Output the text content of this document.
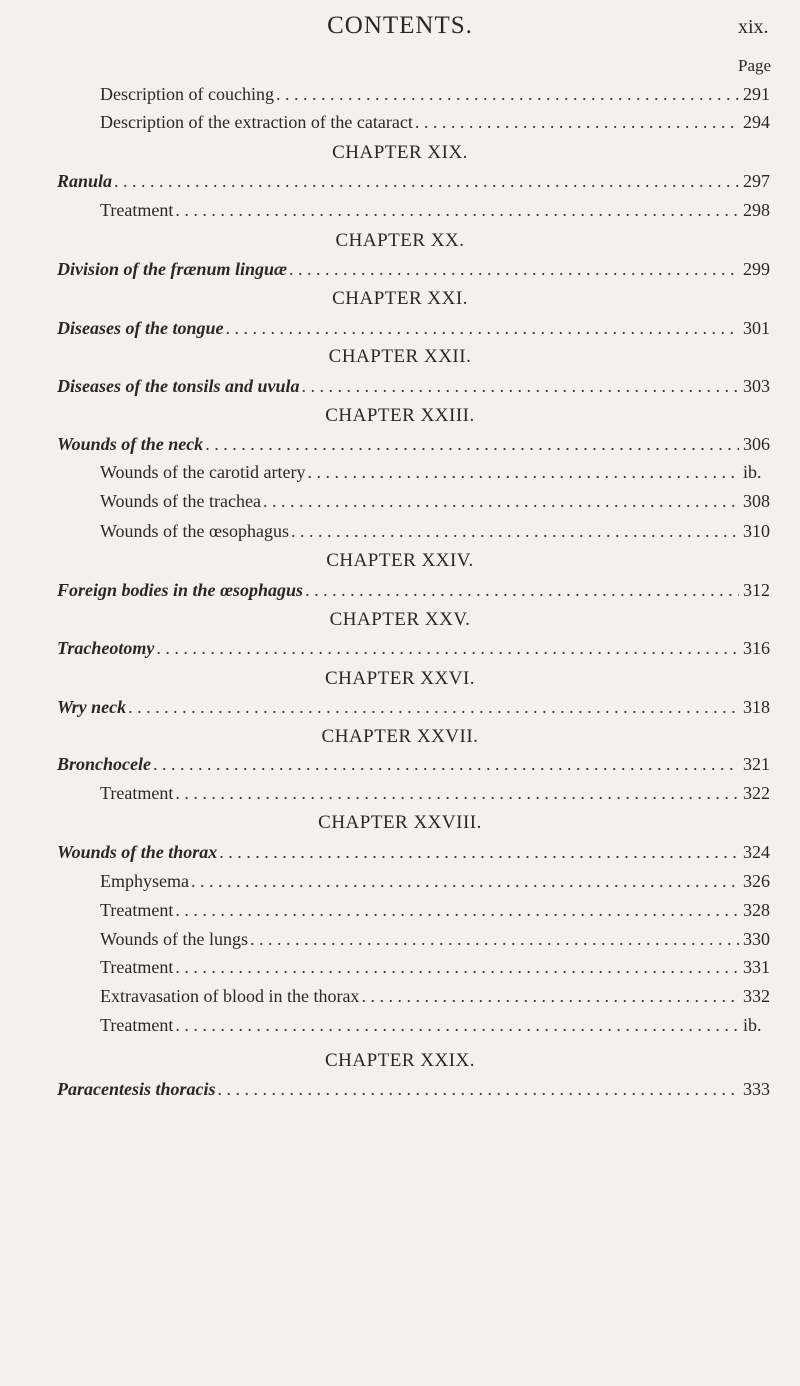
CONTENTS.	xix.
Page
Description of couching . . .	291
Description of the extraction of the cataract . . .	294
CHAPTER XIX.
Ranula . . .	297
Treatment . . .	298
CHAPTER XX.
Division of the frænum linguæ . . .	299
CHAPTER XXI.
Diseases of the tongue . . .	301
CHAPTER XXII.
Diseases of the tonsils and uvula . . .	303
CHAPTER XXIII.
Wounds of the neck . . .	306
Wounds of the carotid artery . . .	ib.
Wounds of the trachea . . .	308
Wounds of the œsophagus . . .	310
CHAPTER XXIV.
Foreign bodies in the œsophagus . . .	312
CHAPTER XXV.
Tracheotomy . . .	316
CHAPTER XXVI.
Wry neck . . .	318
CHAPTER XXVII.
Bronchocele . . .	321
Treatment . . .	322
CHAPTER XXVIII.
Wounds of the thorax . . .	324
Emphysema . . .	326
Treatment . . .	328
Wounds of the lungs . . .	330
Treatment . . .	331
Extravasation of blood in the thorax . . .	332
Treatment . . .	ib.
CHAPTER XXIX.
Paracentesis thoracis . . .	333
